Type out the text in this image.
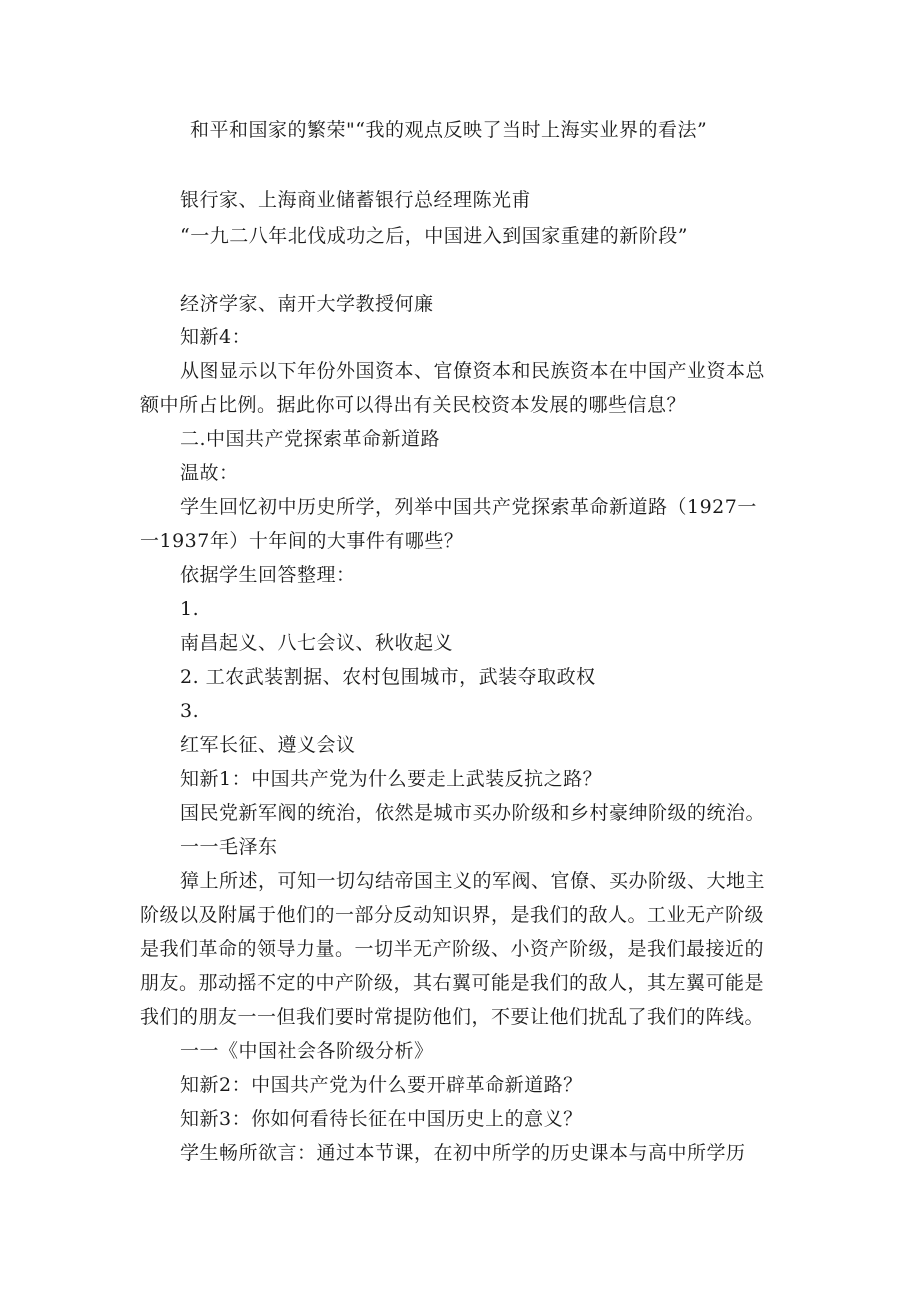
和平和国家的繁荣"“我的观点反映了当时上海实业界的看法”
银行家、上海商业储蓄银行总经理陈光甫
“一九二八年北伐成功之后，中国进入到国家重建的新阶段”
经济学家、南开大学教授何廉
知新4：
从图显示以下年份外国资本、官僚资本和民族资本在中国产业资本总
额中所占比例。据此你可以得出有关民校资本发展的哪些信息？
二.中国共产党探索革命新道路
温故：
学生回忆初中历史所学，列举中国共产党探索革命新道路（1927一
一1937年）十年间的大事件有哪些？
依据学生回答整理：
1.
南昌起义、八七会议、秋收起义
2. 工农武装割据、农村包围城市，武装夺取政权
3.
红军长征、遵义会议
知新1：中国共产党为什么要走上武装反抗之路？
国民党新军阀的统治，依然是城市买办阶级和乡村豪绅阶级的统治。
一一毛泽东
獐上所述，可知一切勾结帝国主义的军阀、官僚、买办阶级、大地主
阶级以及附属于他们的一部分反动知识界，是我们的敌人。工业无产阶级
是我们革命的领导力量。一切半无产阶级、小资产阶级，是我们最接近的
朋友。那动摇不定的中产阶级，其右翼可能是我们的敌人，其左翼可能是
我们的朋友一一但我们要时常提防他们，不要让他们扰乱了我们的阵线。
一一《中国社会各阶级分析》
知新2：中国共产党为什么要开辟革命新道路？
知新3：你如何看待长征在中国历史上的意义？
学生畅所欲言：通过本节课，在初中所学的历史课本与高中所学历
